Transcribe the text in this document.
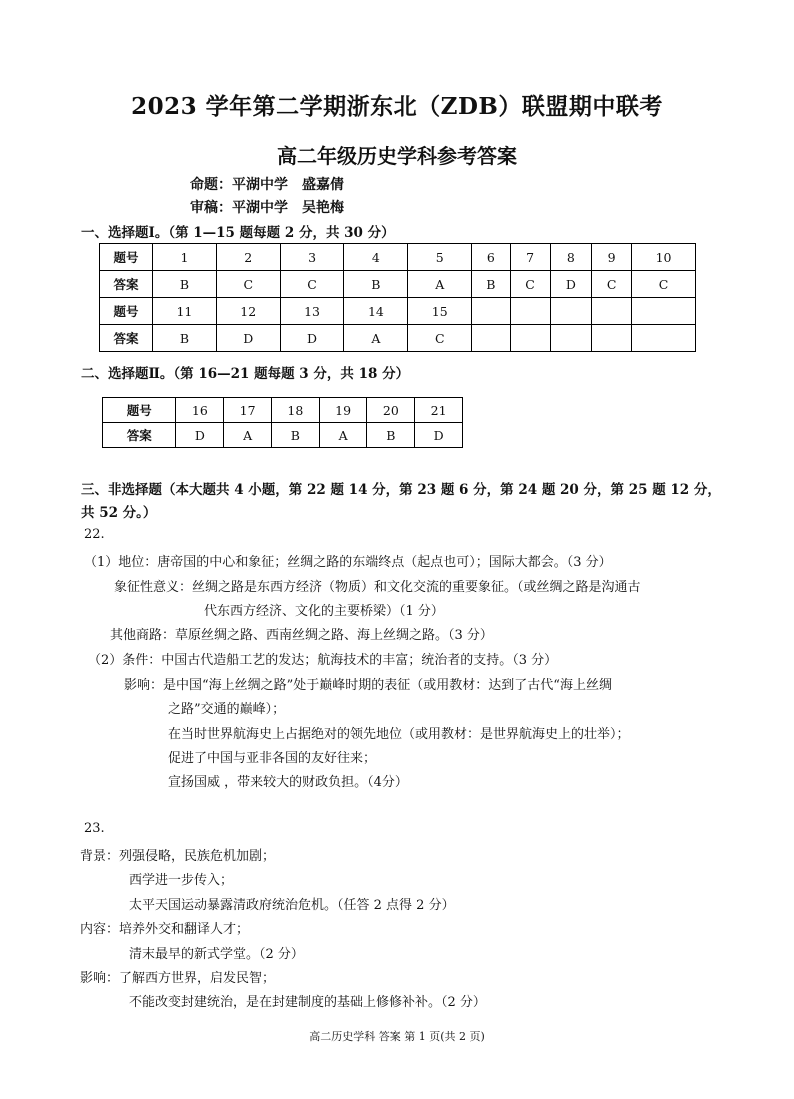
2023 学年第二学期浙东北（ZDB）联盟期中联考
高二年级历史学科参考答案
命题：平湖中学　盛嘉倩
审稿：平湖中学　吴艳梅
一、选择题Ⅰ。（第 1—15 题每题 2 分，共 30 分）
题号	1	2	3	4	5	6	7	8	9	10
答案	B	C	C	B	A	B	C	D	C	C
题号	11	12	13	14	15					
答案	B	D	D	A	C					
二、选择题Ⅱ。（第 16—21 题每题 3 分，共 18 分）
题号	16	17	18	19	20	21
答案	D	A	B	A	B	D
三、非选择题（本大题共 4 小题，第 22 题 14 分，第 23 题 6 分，第 24 题 20 分，第 25 题 12 分，
共 52 分。）
22.
（1）地位：唐帝国的中心和象征；丝绸之路的东端终点（起点也可）；国际大都会。（3 分）
象征性意义：丝绸之路是东西方经济（物质）和文化交流的重要象征。（或丝绸之路是沟通古
代东西方经济、文化的主要桥梁）（1 分）
其他商路：草原丝绸之路、西南丝绸之路、海上丝绸之路。（3 分）
（2）条件：中国古代造船工艺的发达；航海技术的丰富；统治者的支持。（3 分）
影响：是中国“海上丝绸之路”处于巅峰时期的表征（或用教材：达到了古代“海上丝绸
之路”交通的巅峰）；
在当时世界航海史上占据绝对的领先地位（或用教材：是世界航海史上的壮举）；
促进了中国与亚非各国的友好往来；
宣扬国威 ，带来较大的财政负担。（4分）
23.
背景：列强侵略，民族危机加剧；
西学进一步传入；
太平天国运动暴露清政府统治危机。（任答 2 点得 2 分）
内容：培养外交和翻译人才；
清末最早的新式学堂。（2 分）
影响：了解西方世界，启发民智；
不能改变封建统治，是在封建制度的基础上修修补补。（2 分）
高二历史学科 答案 第 1 页(共 2 页)
